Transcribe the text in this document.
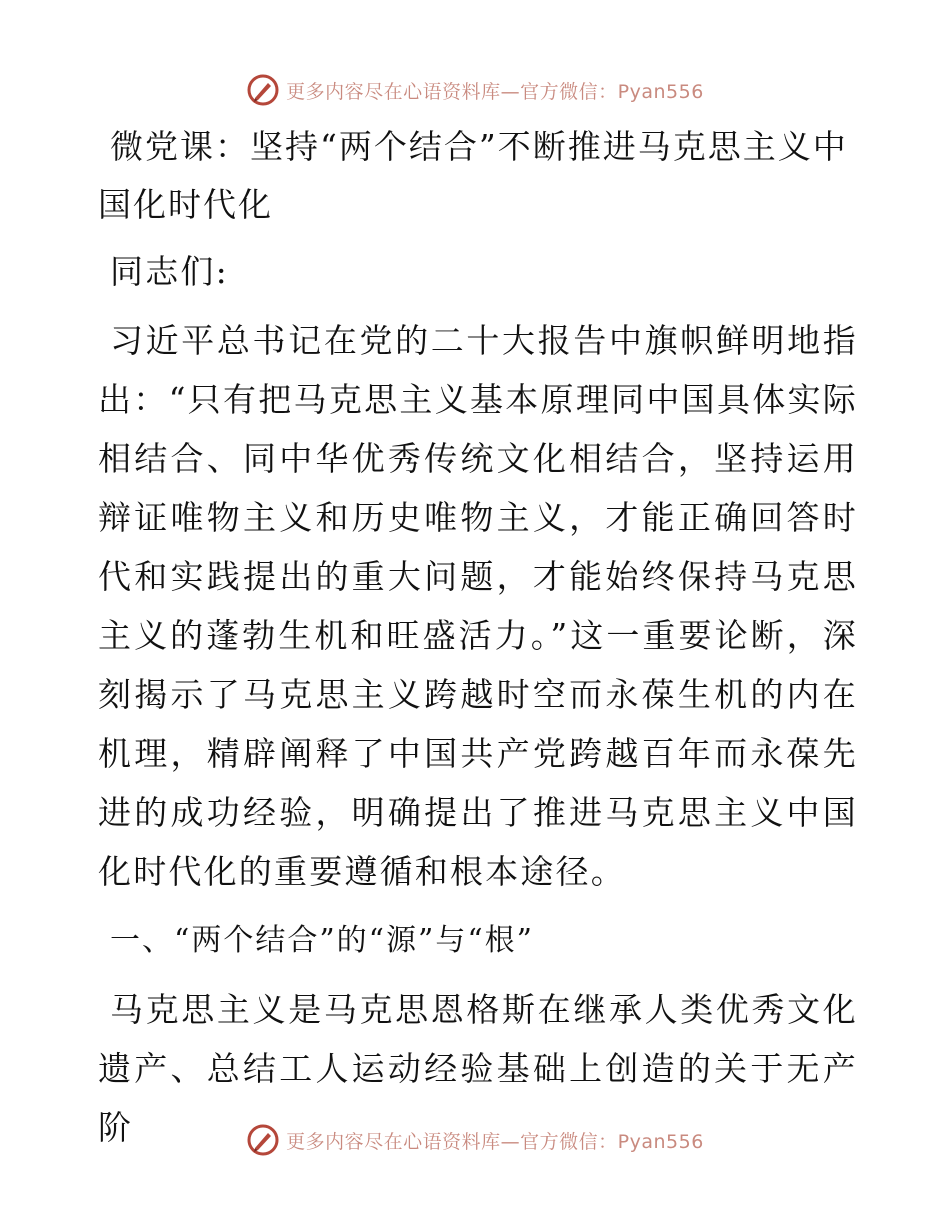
更多内容尽在心语资料库—官方微信：Pyan556
微党课：坚持“两个结合”不断推进马克思主义中国化时代化

同志们:

习近平总书记在党的二十大报告中旗帜鲜明地指出：“只有把马克思主义基本原理同中国具体实际相结合、同中华优秀传统文化相结合，坚持运用辩证唯物主义和历史唯物主义，才能正确回答时代和实践提出的重大问题，才能始终保持马克思主义的蓬勃生机和旺盛活力。”这一重要论断，深刻揭示了马克思主义跨越时空而永葆生机的内在机理，精辟阐释了中国共产党跨越百年而永葆先进的成功经验，明确提出了推进马克思主义中国化时代化的重要遵循和根本途径。

一、“两个结合”的“源”与“根”

马克思主义是马克思恩格斯在继承人类优秀文化遗产、总结工人运动经验基础上创造的关于无产阶	更多内容尽在心语资料库—官方微信：Pyan556
